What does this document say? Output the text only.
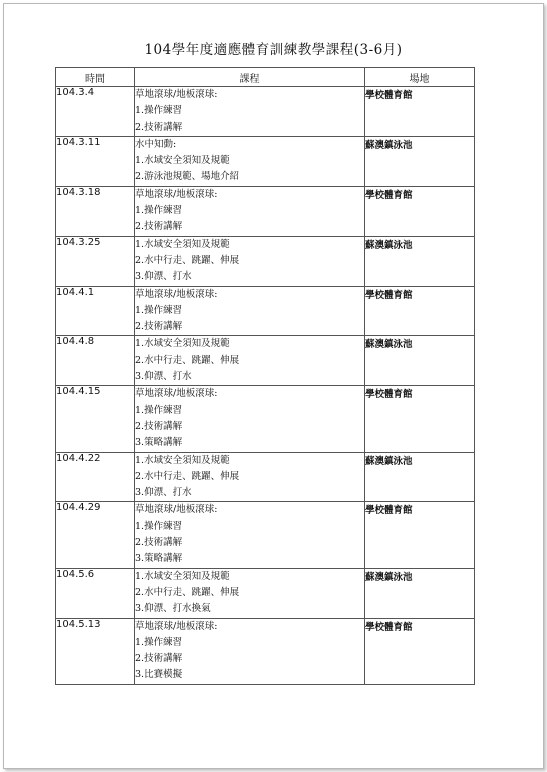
104學年度適應體育訓練教學課程(3-6月)
時間	課程	場地
104.3.4	草地滾球/地板滾球:
1.操作練習
2.技術講解	學校體育館
104.3.11	水中知動:
1.水域安全須知及規範
2.游泳池規範、場地介紹	蘇澳鎮泳池
104.3.18	草地滾球/地板滾球:
1.操作練習
2.技術講解	學校體育館
104.3.25	1.水域安全須知及規範
2.水中行走、跳躍、伸展
3.仰漂、打水	蘇澳鎮泳池
104.4.1	草地滾球/地板滾球:
1.操作練習
2.技術講解	學校體育館
104.4.8	1.水域安全須知及規範
2.水中行走、跳躍、伸展
3.仰漂、打水	蘇澳鎮泳池
104.4.15	草地滾球/地板滾球:
1.操作練習
2.技術講解
3.策略講解	學校體育館
104.4.22	1.水域安全須知及規範
2.水中行走、跳躍、伸展
3.仰漂、打水	蘇澳鎮泳池
104.4.29	草地滾球/地板滾球:
1.操作練習
2.技術講解
3.策略講解	學校體育館
104.5.6	1.水域安全須知及規範
2.水中行走、跳躍、伸展
3.仰漂、打水換氣	蘇澳鎮泳池
104.5.13	草地滾球/地板滾球:
1.操作練習
2.技術講解
3.比賽模擬	學校體育館
